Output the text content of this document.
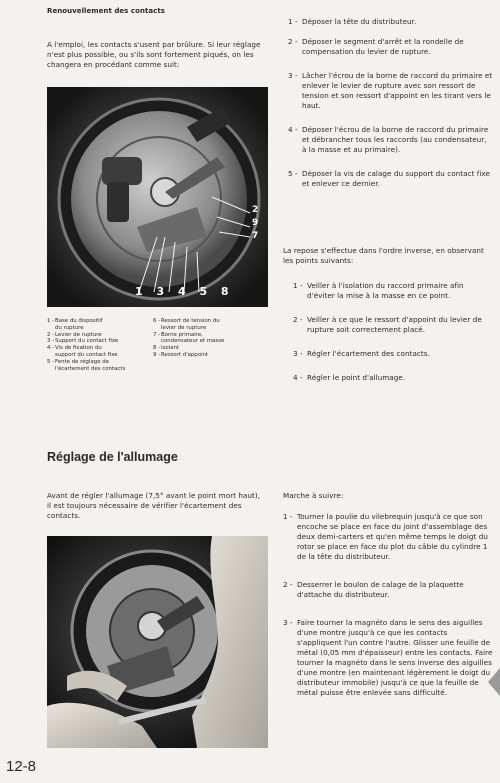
Renouvellement des contacts
A l'emploi, les contacts s'usent par brûlure. Si leur réglage n'est plus possible, ou s'ils sont fortement piqués, on les changera en procédant comme suit:
1 3 4 5 8
2
9
7
1 - Base du dispositif
du rupture
2 - Levier de rupture
3 - Support du contact fixe
4 - Vis de fixation du
support du contact fixe
5 - Fente de réglage de
l'écartement des contacts
6 - Ressort de tension du
levier de rupture
7 - Borne primaire,
condensateur et masse
8 - Isolant
9 - Ressort d'appoint
1 - Déposer la tête du distributeur.
2 - Déposer le segment d'arrêt et la rondelle de compensation du levier de rupture.
3 - Lâcher l'écrou de la borne de raccord du primaire et enlever le levier de rupture avec son ressort de tension et son ressort d'appoint en les tirant vers le haut.
4 - Déposer l'écrou de la borne de raccord du primaire et débrancher tous les raccords (au condensateur, à la masse et au primaire).
5 - Déposer la vis de calage du support du contact fixe et enlever ce dernier.
La repose s'effectue dans l'ordre inverse, en observant les points suivants:
1 - Veiller à l'isolation du raccord primaire afin d'éviter la mise à la masse en ce point.
2 - Veiller à ce que le ressort d'appoint du levier de rupture soit correctement placé.
3 - Régler l'écartement des contacts.
4 - Régler le point d'allumage.
Réglage de l'allumage
Avant de régler l'allumage (7,5° avant le point mort haut), il est toujours nécessaire de vérifier l'écartement des contacts.
Marche à suivre:
1 - Tourner la poulie du vilebrequin jusqu'à ce que son encoche se place en face du joint d'assemblage des deux demi-carters et qu'en même temps le doigt du rotor se place en face du plot du câble du cylindre 1 de la tête du distributeur.
2 - Desserrer le boulon de calage de la plaquette d'attache du distributeur.
3 - Faire tourner la magnéto dans le sens des aiguilles d'une montre jusqu'à ce que les contacts s'appliquent l'un contre l'autre. Glisser une feuille de métal (0,05 mm d'épaisseur) entre les contacts. Faire tourner la magnéto dans le sens inverse des aiguilles d'une montre (en maintenant légèrement le doigt du distributeur immobile) jusqu'à ce que la feuille de métal puisse être enlevée sans difficulté.
12-8
